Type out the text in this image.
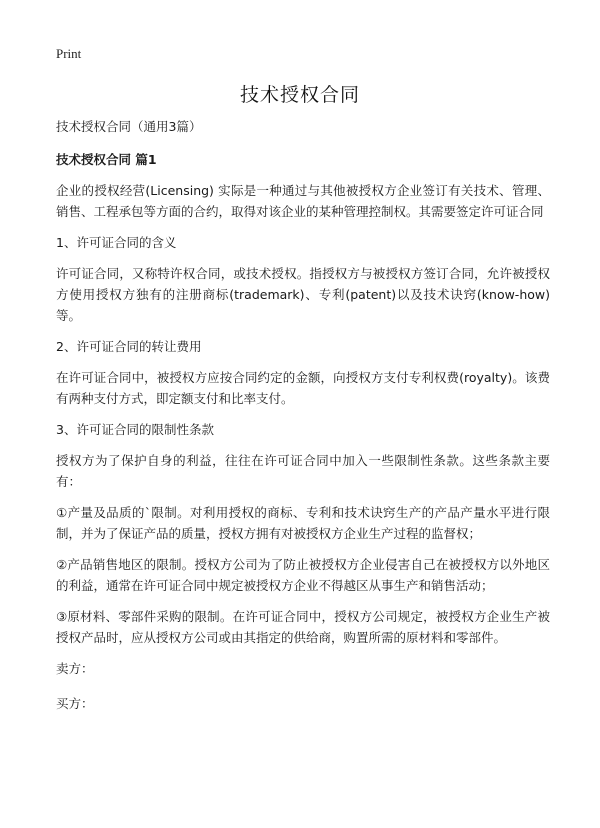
Print
技术授权合同

技术授权合同（通用3篇）

技术授权合同 篇1

企业的授权经营(Licensing) 实际是一种通过与其他被授权方企业签订有关技术、管理、销售、工程承包等方面的合约，取得对该企业的某种管理控制权。其需要签定许可证合同

1、许可证合同的含义

许可证合同，又称特许权合同，或技术授权。指授权方与被授权方签订合同，允许被授权方使用授权方独有的注册商标(trademark)、专利(patent)以及技术诀窍(know-how)等。

2、许可证合同的转让费用

在许可证合同中，被授权方应按合同约定的金额，向授权方支付专利权费(royalty)。该费有两种支付方式，即定额支付和比率支付。

3、许可证合同的限制性条款

授权方为了保护自身的利益，往往在许可证合同中加入一些限制性条款。这些条款主要有：

①产量及品质的`限制。对利用授权的商标、专利和技术诀窍生产的产品产量水平进行限制，并为了保证产品的质量，授权方拥有对被授权方企业生产过程的监督权；

②产品销售地区的限制。授权方公司为了防止被授权方企业侵害自己在被授权方以外地区的利益，通常在许可证合同中规定被授权方企业不得越区从事生产和销售活动；

③原材料、零部件采购的限制。在许可证合同中，授权方公司规定，被授权方企业生产被授权产品时，应从授权方公司或由其指定的供给商，购置所需的原材料和零部件。

卖方：

买方：
